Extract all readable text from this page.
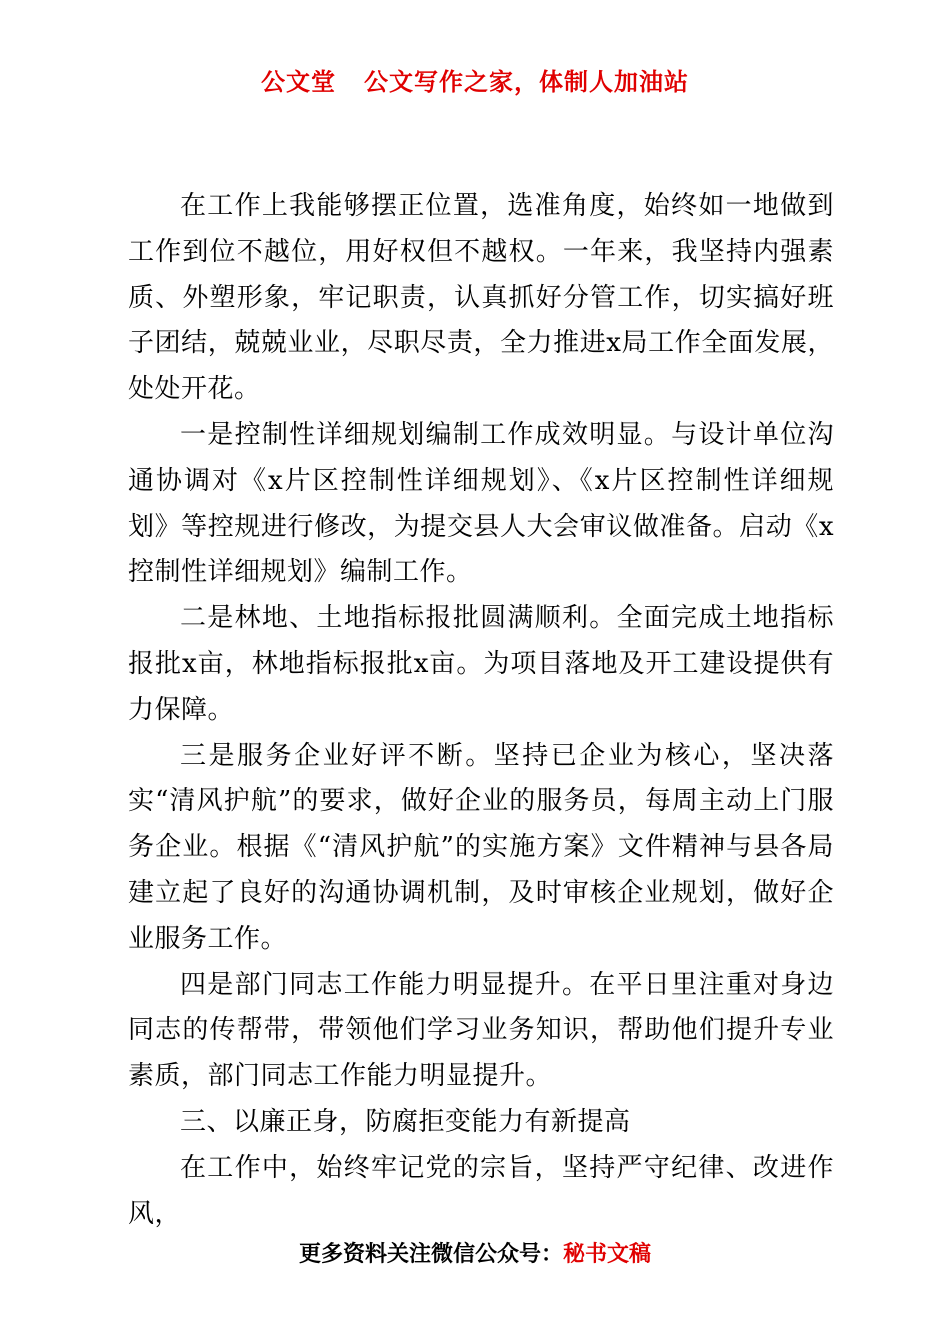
公文堂 公文写作之家，体制人加油站

在工作上我能够摆正位置，选准角度，始终如一地做到工作到位不越位，用好权但不越权。一年来，我坚持内强素质、外塑形象，牢记职责，认真抓好分管工作，切实搞好班子团结，兢兢业业，尽职尽责，全力推进x局工作全面发展，处处开花。

一是控制性详细规划编制工作成效明显。与设计单位沟通协调对《x片区控制性详细规划》、《x片区控制性详细规划》等控规进行修改，为提交县人大会审议做准备。启动《x控制性详细规划》编制工作。

二是林地、土地指标报批圆满顺利。全面完成土地指标报批x亩，林地指标报批x亩。为项目落地及开工建设提供有力保障。

三是服务企业好评不断。坚持已企业为核心，坚决落实“清风护航”的要求，做好企业的服务员，每周主动上门服务企业。根据《“清风护航”的实施方案》文件精神与县各局建立起了良好的沟通协调机制，及时审核企业规划，做好企业服务工作。

四是部门同志工作能力明显提升。在平日里注重对身边同志的传帮带，带领他们学习业务知识，帮助他们提升专业素质，部门同志工作能力明显提升。

三、以廉正身，防腐拒变能力有新提高

在工作中，始终牢记党的宗旨，坚持严守纪律、改进作风，

更多资料关注微信公众号：秘书文稿
